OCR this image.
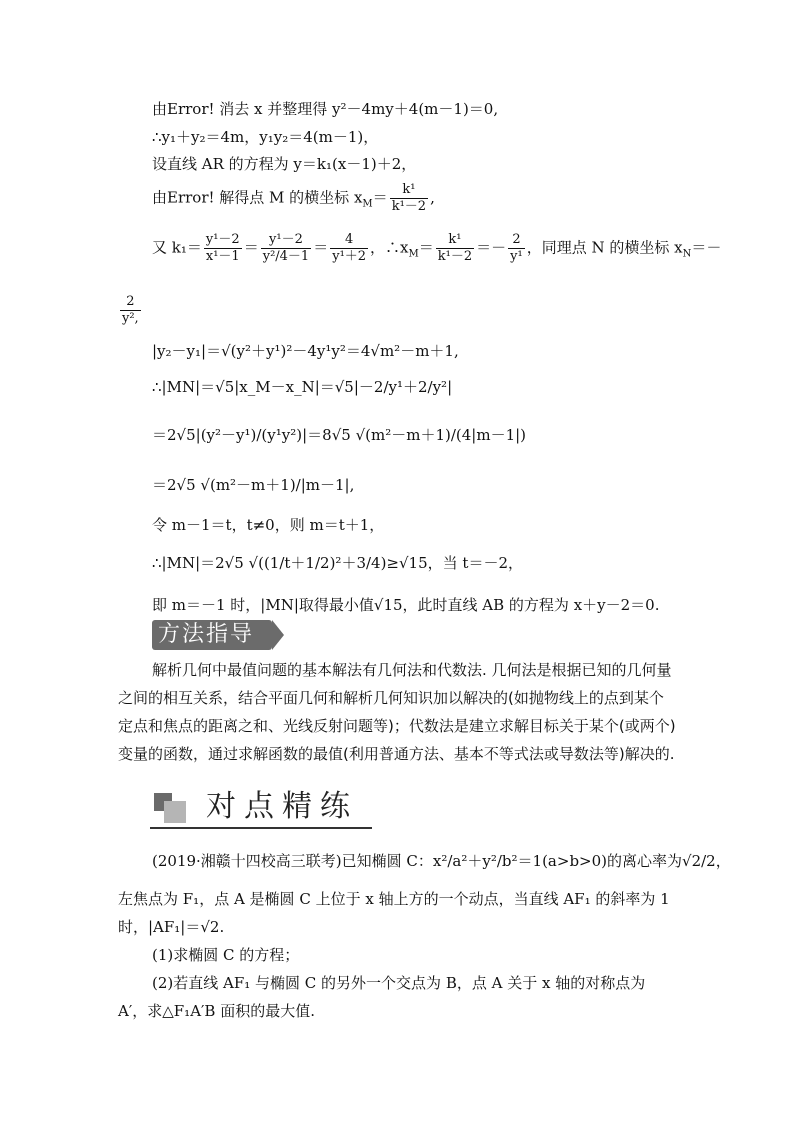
由Error! 消去 x 并整理得 y²－4my＋4(m－1)＝0,
∴y₁＋y₂＝4m，y₁y₂＝4(m－1)，
设直线 AR 的方程为 y＝k₁(x－1)＋2，
由Error! 解得点 M 的横坐标 $x_M= \frac{\text{k¹}}{\text{k¹－2}}$ ,
又 $k_1= \frac{\text{y¹－2}}{\text{x¹－1}} = \frac{\text{y¹－2}}{\text{y²/4－1}} = \frac{4}{\text{y¹＋2}}$ ，$\therefore x_M= \frac{\text{k¹}}{\text{k¹－2}} =- \frac{2}{\text{y¹}}$ ，同理点 N 的横坐标 $x_N=-$
$\frac{2}{\text{y²,}}$
|y₂－y₁|＝√(y²＋y¹)²－4y¹y²＝4√m²－m＋1,
∴|MN|＝√5|x_M－x_N|＝√5|－2/y¹＋2/y²|
＝2√5|(y²－y¹)/(y¹y²)|＝8√5 √(m²－m＋1)/(4|m－1|)
＝2√5 √(m²－m＋1)/|m－1|,
令 m－1＝t，t≠0，则 m＝t＋1，
∴|MN|＝2√5 √((1/t＋1/2)²＋3/4)≥√15，当 t＝－2，
即 m＝－1 时，|MN|取得最小值√15，此时直线 AB 的方程为 x＋y－2＝0.
方法指导
解析几何中最值问题的基本解法有几何法和代数法. 几何法是根据已知的几何量之间的相互关系，结合平面几何和解析几何知识加以解决的(如抛物线上的点到某个定点和焦点的距离之和、光线反射问题等)；代数法是建立求解目标关于某个(或两个)变量的函数，通过求解函数的最值(利用普通方法、基本不等式法或导数法等)解决的.
对点精练
(2019·湘赣十四校高三联考)已知椭圆 C：x²/a²＋y²/b²＝1(a>b>0)的离心率为√2/2，
左焦点为 F₁，点 A 是椭圆 C 上位于 x 轴上方的一个动点，当直线 AF₁ 的斜率为 1
时，|AF₁|＝√2.
(1)求椭圆 C 的方程；
(2)若直线 AF₁ 与椭圆 C 的另外一个交点为 B，点 A 关于 x 轴的对称点为
A′，求△F₁A′B 面积的最大值.
